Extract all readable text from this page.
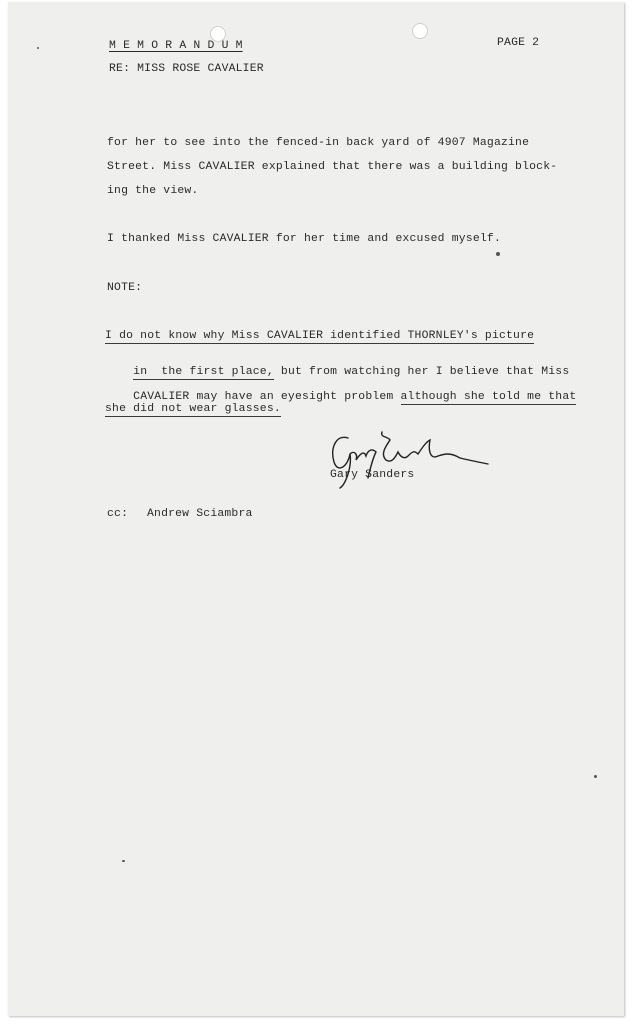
M E M O R A N D U M	PAGE 2
RE: MISS ROSE CAVALIER
for her to see into the fenced-in back yard of 4907 Magazine
Street. Miss CAVALIER explained that there was a building block-
ing the view.
I thanked Miss CAVALIER for her time and excused myself.
NOTE:
I do not know why Miss CAVALIER identified THORNLEY's picture

in  the first place, but from watching her I believe that Miss

CAVALIER may have an eyesight problem although she told me that

she did not wear glasses.
Gary Sanders
cc: Andrew Sciambra
